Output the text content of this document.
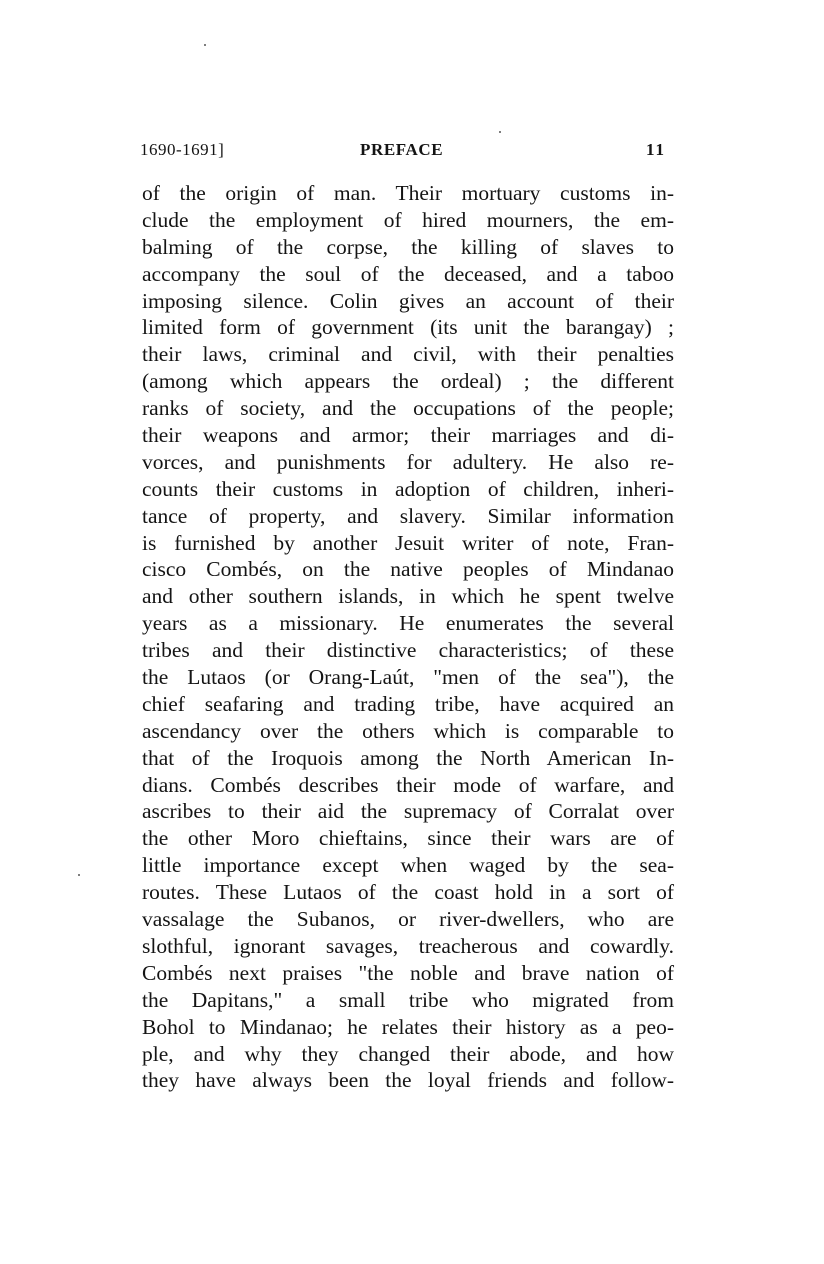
1690-1691]	PREFACE	11
of the origin of man. Their mortuary customs in-
clude the employment of hired mourners, the em-
balming of the corpse, the killing of slaves to
accompany the soul of the deceased, and a taboo
imposing silence. Colin gives an account of their
limited form of government (its unit the barangay) ;
their laws, criminal and civil, with their penalties
(among which appears the ordeal) ; the different
ranks of society, and the occupations of the people;
their weapons and armor; their marriages and di-
vorces, and punishments for adultery. He also re-
counts their customs in adoption of children, inheri-
tance of property, and slavery. Similar information
is furnished by another Jesuit writer of note, Fran-
cisco Combés, on the native peoples of Mindanao
and other southern islands, in which he spent twelve
years as a missionary. He enumerates the several
tribes and their distinctive characteristics; of these
the Lutaos (or Orang-Laút, "men of the sea"), the
chief seafaring and trading tribe, have acquired an
ascendancy over the others which is comparable to
that of the Iroquois among the North American In-
dians. Combés describes their mode of warfare, and
ascribes to their aid the supremacy of Corralat over
the other Moro chieftains, since their wars are of
little importance except when waged by the sea-
routes. These Lutaos of the coast hold in a sort of
vassalage the Subanos, or river-dwellers, who are
slothful, ignorant savages, treacherous and cowardly.
Combés next praises "the noble and brave nation of
the Dapitans," a small tribe who migrated from
Bohol to Mindanao; he relates their history as a peo-
ple, and why they changed their abode, and how
they have always been the loyal friends and follow-
